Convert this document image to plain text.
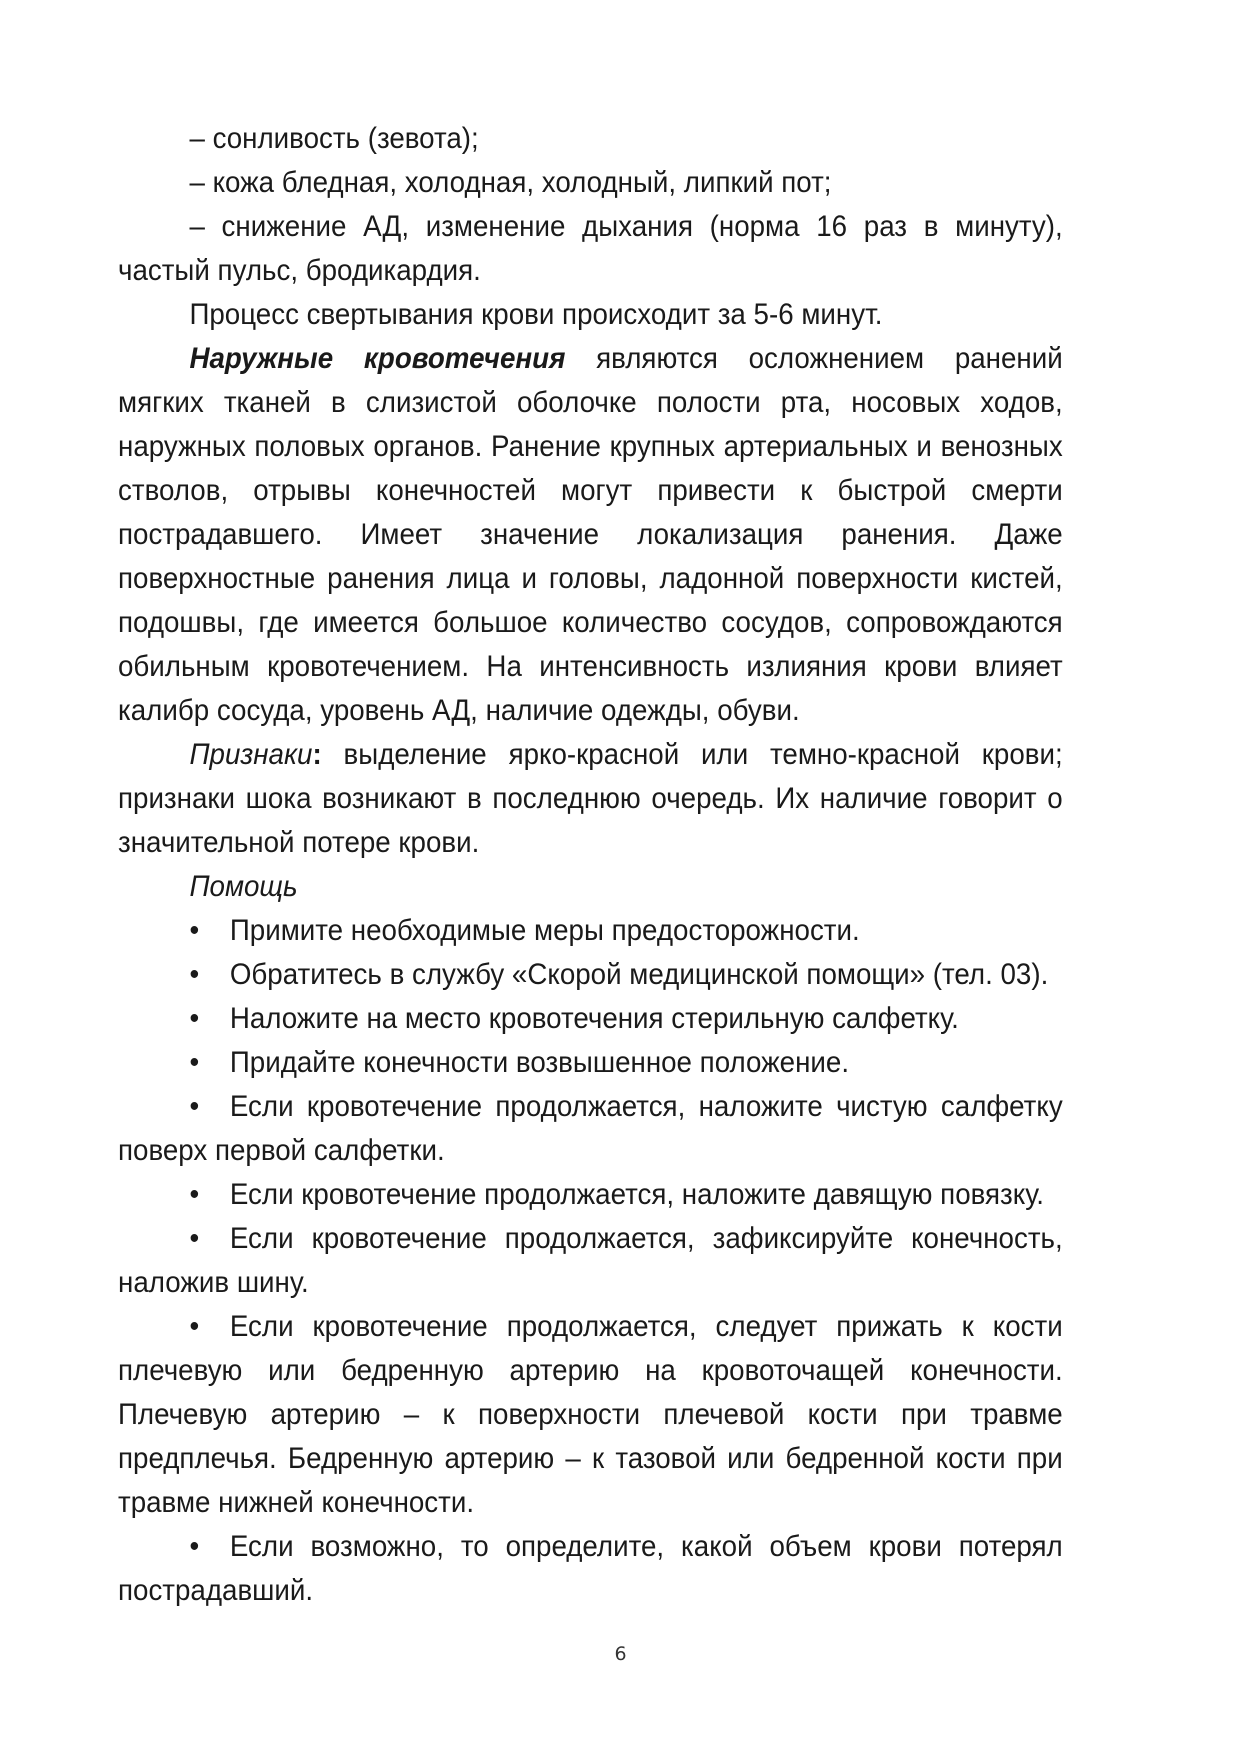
– сонливость (зевота);

– кожа бледная, холодная, холодный, липкий пот;

– снижение АД, изменение дыхания (норма 16 раз в минуту), частый пульс, бродикардия.

Процесс свертывания крови происходит за 5-6 минут.

Наружные кровотечения являются осложнением ранений мягких тканей в слизистой оболочке полости рта, носовых ходов, наружных половых органов. Ранение крупных артериальных и венозных стволов, отрывы конечностей могут привести к быстрой смерти пострадавшего. Имеет значение локализация ранения. Даже поверхностные ранения лица и головы, ладонной поверхности кистей, подошвы, где имеется большое количество сосудов, сопровождаются обильным кровотечением. На интенсивность излияния крови влияет калибр сосуда, уровень АД, наличие одежды, обуви.

Признаки: выделение ярко-красной или темно-красной крови; признаки шока возникают в последнюю очередь. Их наличие говорит о значительной потере крови.

Помощь

• Примите необходимые меры предосторожности.

• Обратитесь в службу «Скорой медицинской помощи» (тел. 03).

• Наложите на место кровотечения стерильную салфетку.

• Придайте конечности возвышенное положение.

• Если кровотечение продолжается, наложите чистую салфетку поверх первой салфетки.

• Если кровотечение продолжается, наложите давящую повязку.

• Если кровотечение продолжается, зафиксируйте конечность, наложив шину.

• Если кровотечение продолжается, следует прижать к кости плечевую или бедренную артерию на кровоточащей конечности. Плечевую артерию – к поверхности плечевой кости при травме предплечья. Бедренную артерию – к тазовой или бедренной кости при травме нижней конечности.

• Если возможно, то определите, какой объем крови потерял пострадавший.

6
